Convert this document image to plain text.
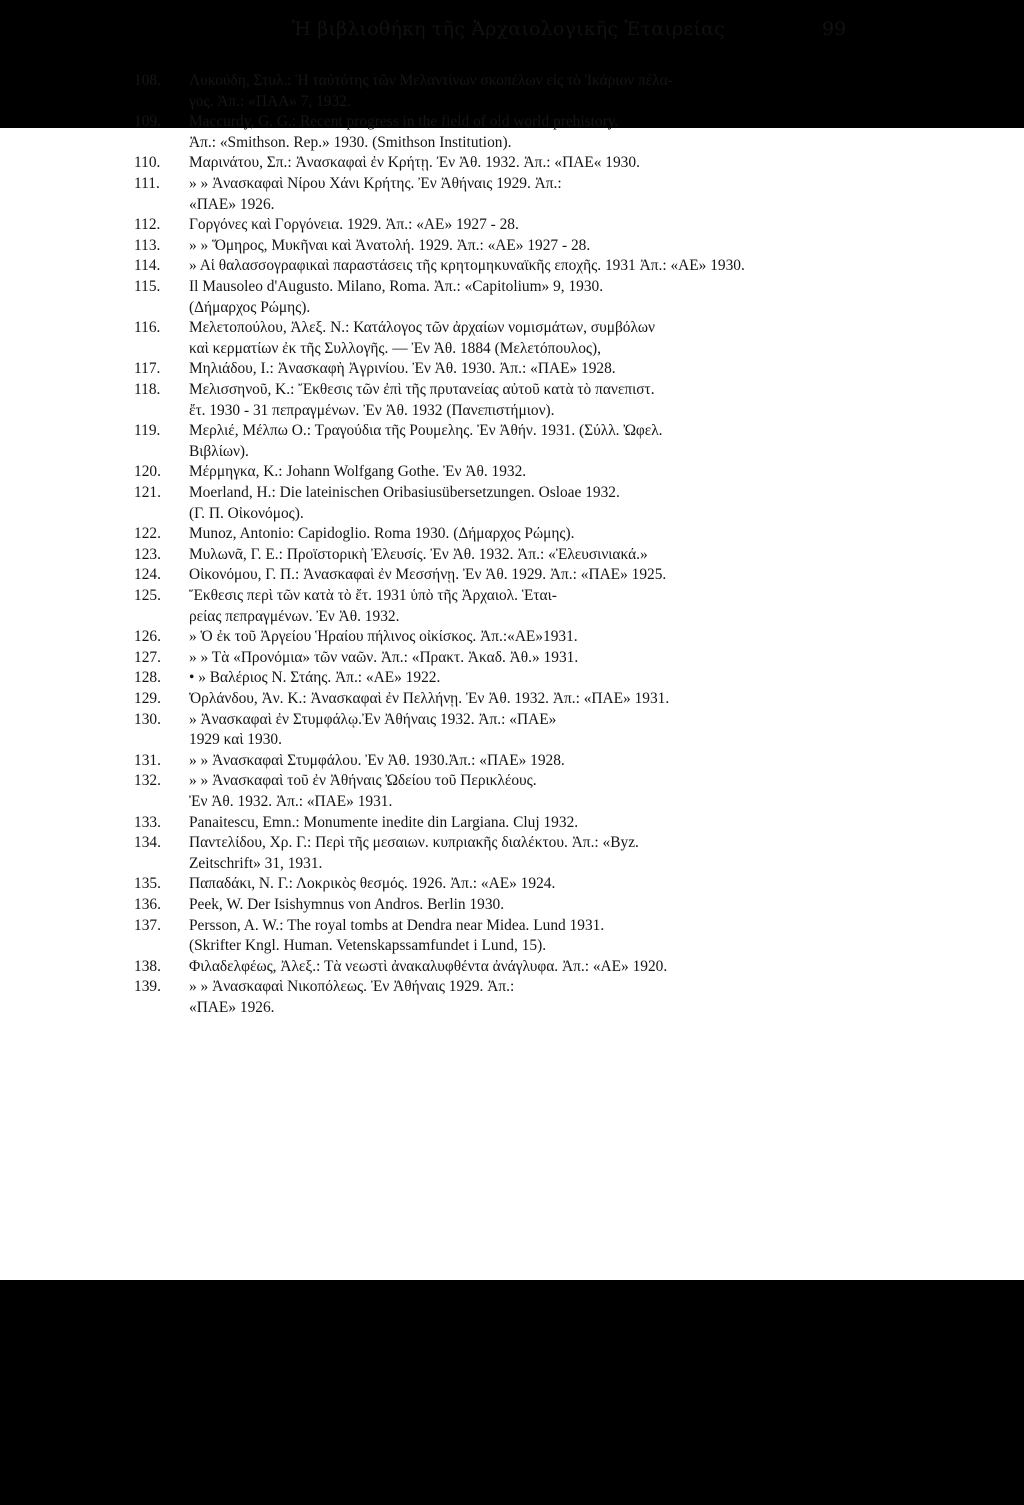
Ἡ βιβλιοθήκη τῆς Ἀρχαιολογικῆς Ἑταιρείας	99
108. Λυκούδη, Στυλ.: Ἡ ταὐτότης τῶν Μελαντίνων σκοπέλων εἰς τὸ Ἰκάριον πέλα-
γος. Ἀπ.: «ΠΑΑ» 7, 1932.
109. Maccurdy, G. G.: Recent progress in the field of old world prehistory.
Ἀπ.: «Smithson. Rep.» 1930. (Smithson Institution).
110. Μαρινάτου, Σπ.: Ἀνασκαφαὶ ἐν Κρήτῃ. Ἐν Ἀθ. 1932. Ἀπ.: «ΠΑΕ« 1930.
111. » » Ἀνασκαφαὶ Νίρου Χάνι Κρήτης. Ἐν Ἀθήναις 1929. Ἀπ.:
«ΠΑΕ» 1926.
112. Γοργόνες καὶ Γοργόνεια. 1929. Ἀπ.: «ΑΕ» 1927 - 28.
113. » » Ὅμηρος, Μυκῆναι καὶ Ἀνατολή. 1929. Ἀπ.: «ΑΕ» 1927 - 28.
114. » Αἱ θαλασσογραφικαὶ παραστάσεις τῆς κρητομηκυναϊκῆς εποχῆς. 1931 Ἀπ.: «ΑΕ» 1930.
115. Il Mausoleo d'Augusto. Milano, Roma. Ἀπ.: «Capitolium» 9, 1930.
(Δήμαρχος Ρώμης).
116. Μελετοπούλου, Ἀλεξ. Ν.: Κατάλογος τῶν ἀρχαίων νομισμάτων, συμβόλων
καὶ κερματίων ἐκ τῆς Συλλογῆς. — Ἐν Ἀθ. 1884 (Μελετόπουλος),
117. Μηλιάδου, Ι.: Ἀνασκαφὴ Ἀγρινίου. Ἐν Ἀθ. 1930. Ἀπ.: «ΠΑΕ» 1928.
118. Μελισσηνοῦ, Κ.: Ἔκθεσις τῶν ἐπὶ τῆς πρυτανείας αὐτοῦ κατὰ τὸ πανεπιστ.
ἔτ. 1930 - 31 πεπραγμένων. Ἐν Ἀθ. 1932 (Πανεπιστήμιον).
119. Μερλιέ, Μέλπω Ο.: Τραγούδια τῆς Ρουμελης. Ἐν Ἀθήν. 1931. (Σύλλ. Ὠφελ.
Βιβλίων).
120. Μέρμηγκα, Κ.: Johann Wolfgang Gothe. Ἐν Ἀθ. 1932.
121. Moerland, H.: Die lateinischen Oribasiusübersetzungen. Osloae 1932.
(Γ. Π. Οἰκονόμος).
122. Munoz, Antonio: Capidoglio. Roma 1930. (Δήμαρχος Ρώμης).
123. Μυλωνᾶ, Γ. Ε.: Προϊστορικὴ Ἐλευσίς. Ἐν Ἀθ. 1932. Ἀπ.: «Ἐλευσινιακά.»
124. Οἰκονόμου, Γ. Π.: Ἀνασκαφαὶ ἐν Μεσσήνῃ. Ἐν Ἀθ. 1929. Ἀπ.: «ΠΑΕ» 1925.
125. Ἔκθεσις περὶ τῶν κατὰ τὸ ἔτ. 1931 ὑπὸ τῆς Ἀρχαιολ. Ἑται-
ρείας πεπραγμένων. Ἐν Ἀθ. 1932.
126. » Ὁ ἐκ τοῦ Ἀργείου Ἡραίου πήλινος οἰκίσκος. Ἀπ.:«ΑΕ»1931.
127. » » Τὰ «Προνόμια» τῶν ναῶν. Ἀπ.: «Πρακτ. Ἀκαδ. Ἀθ.» 1931.
128. • » Βαλέριος Ν. Στάης. Ἀπ.: «ΑΕ» 1922.
129. Ὀρλάνδου, Ἀν. Κ.: Ἀνασκαφαὶ ἐν Πελλήνῃ. Ἐν Ἀθ. 1932. Ἀπ.: «ΠΑΕ» 1931.
130. » Ἀνασκαφαὶ ἐν Στυμφάλῳ.Ἐν Ἀθήναις 1932. Ἀπ.: «ΠΑΕ»
1929 καὶ 1930.
131. » » Ἀνασκαφαὶ Στυμφάλου. Ἐν Ἀθ. 1930.Ἀπ.: «ΠΑΕ» 1928.
132. » » Ἀνασκαφαὶ τοῦ ἐν Ἀθήναις Ὠδείου τοῦ Περικλέους.
Ἐν Ἀθ. 1932. Ἀπ.: «ΠΑΕ» 1931.
133. Panaitescu, Emn.: Monumente inedite din Largiana. Cluj 1932.
134. Παντελίδου, Χρ. Γ.: Περὶ τῆς μεσαιων. κυπριακῆς διαλέκτου. Ἀπ.: «Byz.
Zeitschrift» 31, 1931.
135. Παπαδάκι, Ν. Γ.: Λοκρικὸς θεσμός. 1926. Ἀπ.: «ΑΕ» 1924.
136. Peek, W. Der Isishymnus von Andros. Berlin 1930.
137. Persson, A. W.: The royal tombs at Dendra near Midea. Lund 1931.
(Skrifter Kngl. Human. Vetenskapssamfundet i Lund, 15).
138. Φιλαδελφέως, Ἀλεξ.: Τὰ νεωστὶ ἀνακαλυφθέντα ἀνάγλυφα. Ἀπ.: «ΑΕ» 1920.
139. » » Ἀνασκαφαὶ Νικοπόλεως. Ἐν Ἀθήναις 1929. Ἀπ.:
«ΠΑΕ» 1926.
